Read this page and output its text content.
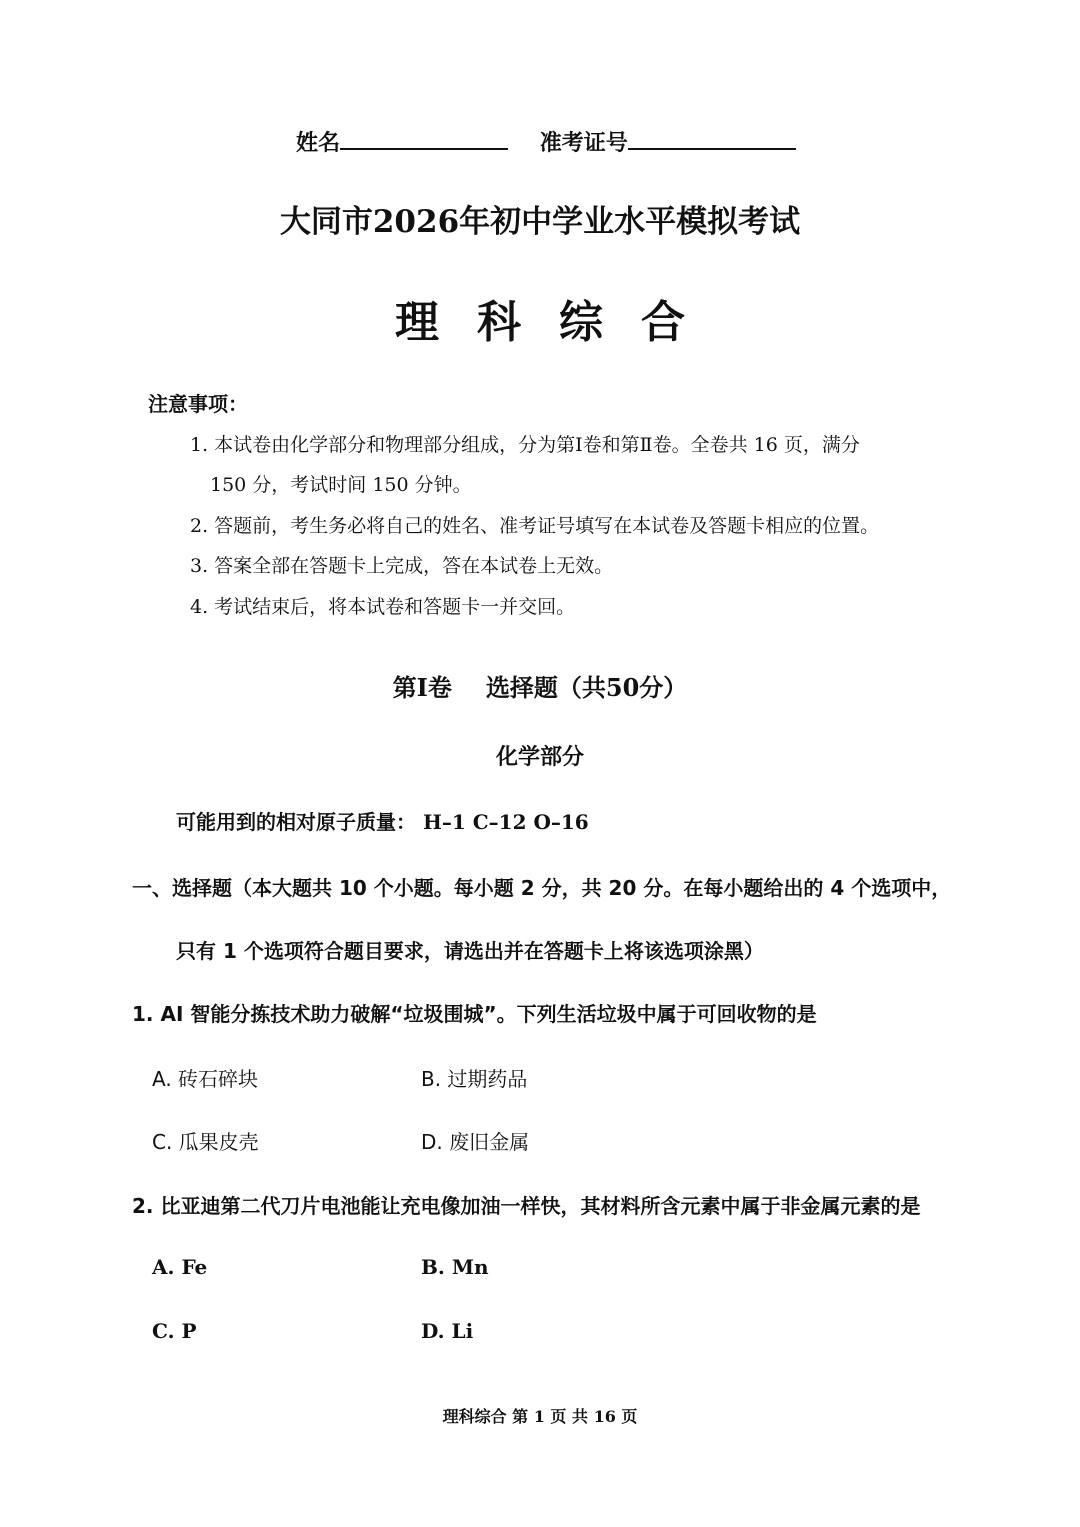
姓名	准考证号
大同市2026年初中学业水平模拟考试
理科综合
注意事项：
1. 本试卷由化学部分和物理部分组成，分为第Ⅰ卷和第Ⅱ卷。全卷共 16 页，满分
150 分，考试时间 150 分钟。
2. 答题前，考生务必将自己的姓名、准考证号填写在本试卷及答题卡相应的位置。
3. 答案全部在答题卡上完成，答在本试卷上无效。
4. 考试结束后，将本试卷和答题卡一并交回。
第I卷 选择题（共50分）
化学部分
可能用到的相对原子质量： H–1 C–12 O–16
一、选择题（本大题共 10 个小题。每小题 2 分，共 20 分。在每小题给出的 4 个选项中，
只有 1 个选项符合题目要求，请选出并在答题卡上将该选项涂黑）
1. AI 智能分拣技术助力破解“垃圾围城”。下列生活垃圾中属于可回收物的是
A. 砖石碎块	B. 过期药品
C. 瓜果皮壳	D. 废旧金属
2. 比亚迪第二代刀片电池能让充电像加油一样快，其材料所含元素中属于非金属元素的是
A. Fe	B. Mn
C. P	D. Li
理科综合 第 1 页 共 16 页
